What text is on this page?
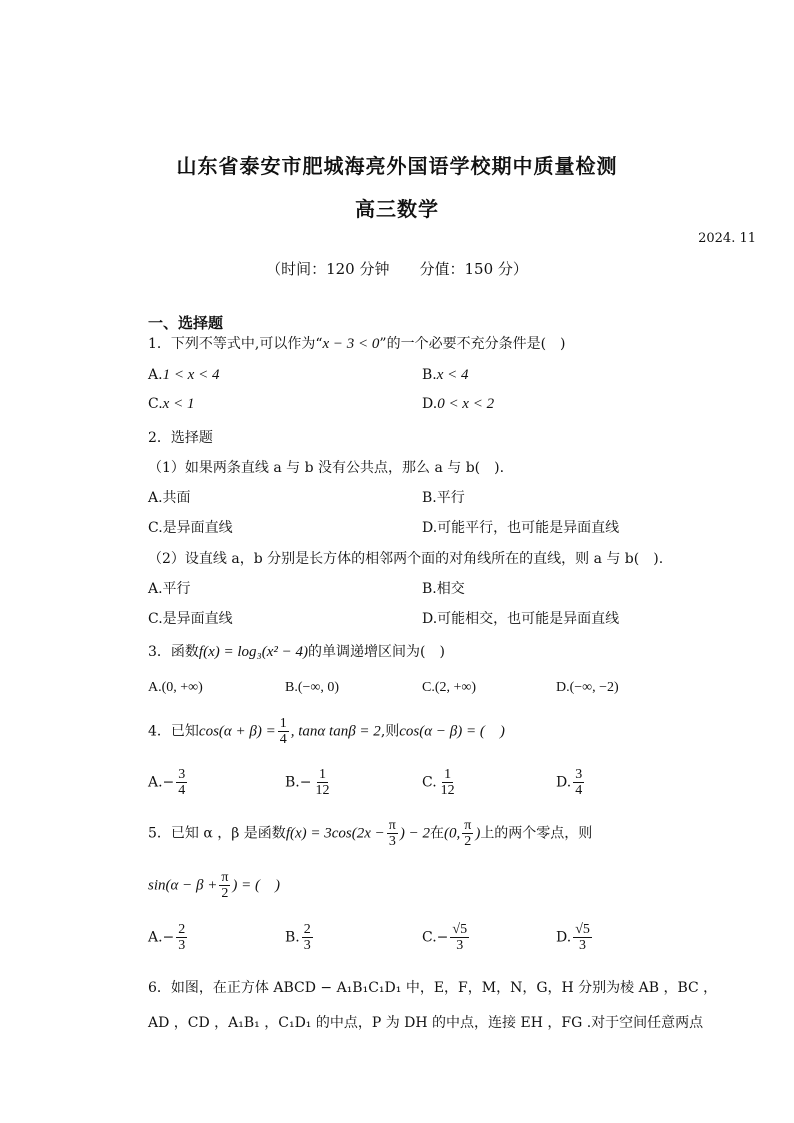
山东省泰安市肥城海亮外国语学校期中质量检测
高三数学
2024. 11
（时间：120 分钟　　分值：150 分）
一、选择题
1．下列不等式中,可以作为“x − 3 < 0”的一个必要不充分条件是(　)
A.1 < x < 4	B.x < 4
C.x < 1	D.0 < x < 2
2．选择题
（1）如果两条直线 a 与 b 没有公共点，那么 a 与 b(　).
A.共面	B.平行
C.是异面直线	D.可能平行，也可能是异面直线
（2）设直线 a，b 分别是长方体的相邻两个面的对角线所在的直线，则 a 与 b(　).
A.平行	B.相交
C.是异面直线	D.可能相交，也可能是异面直线
3．函数f(x) = log₃(x² − 4)的单调递增区间为(　)
A.(0, +∞)	B.(−∞, 0)	C.(2, +∞)	D.(−∞, −2)
4．已知$\cos(\alpha + \beta) = \frac{1}{4}$ , tanα tanβ = 2,则cos(α − β) = (　)
$A.- \frac{3}{4}$	$B.- \frac{1}{12}$	C. $\frac{1}{12}$	D. $\frac{3}{4}$
5．已知 α ，β 是函数$f(x) = 3\cos(2x - \frac{\pi}{3}$ ) − 2在(0, $\frac{\pi}{2}$ )上的两个零点，则
$\sin(\alpha - \beta + \frac{\pi}{2}$ ) = (　)
$A.- \frac{2}{3}$	B. $\frac{2}{3}$	$C.- \frac{√5}{3}$	D. $\frac{√5}{3}$
6．如图，在正方体 ABCD − A₁B₁C₁D₁ 中，E，F，M，N，G，H 分别为棱 AB ，BC ，
AD ，CD ，A₁B₁ ，C₁D₁ 的中点，P 为 DH 的中点，连接 EH ，FG .对于空间任意两点
